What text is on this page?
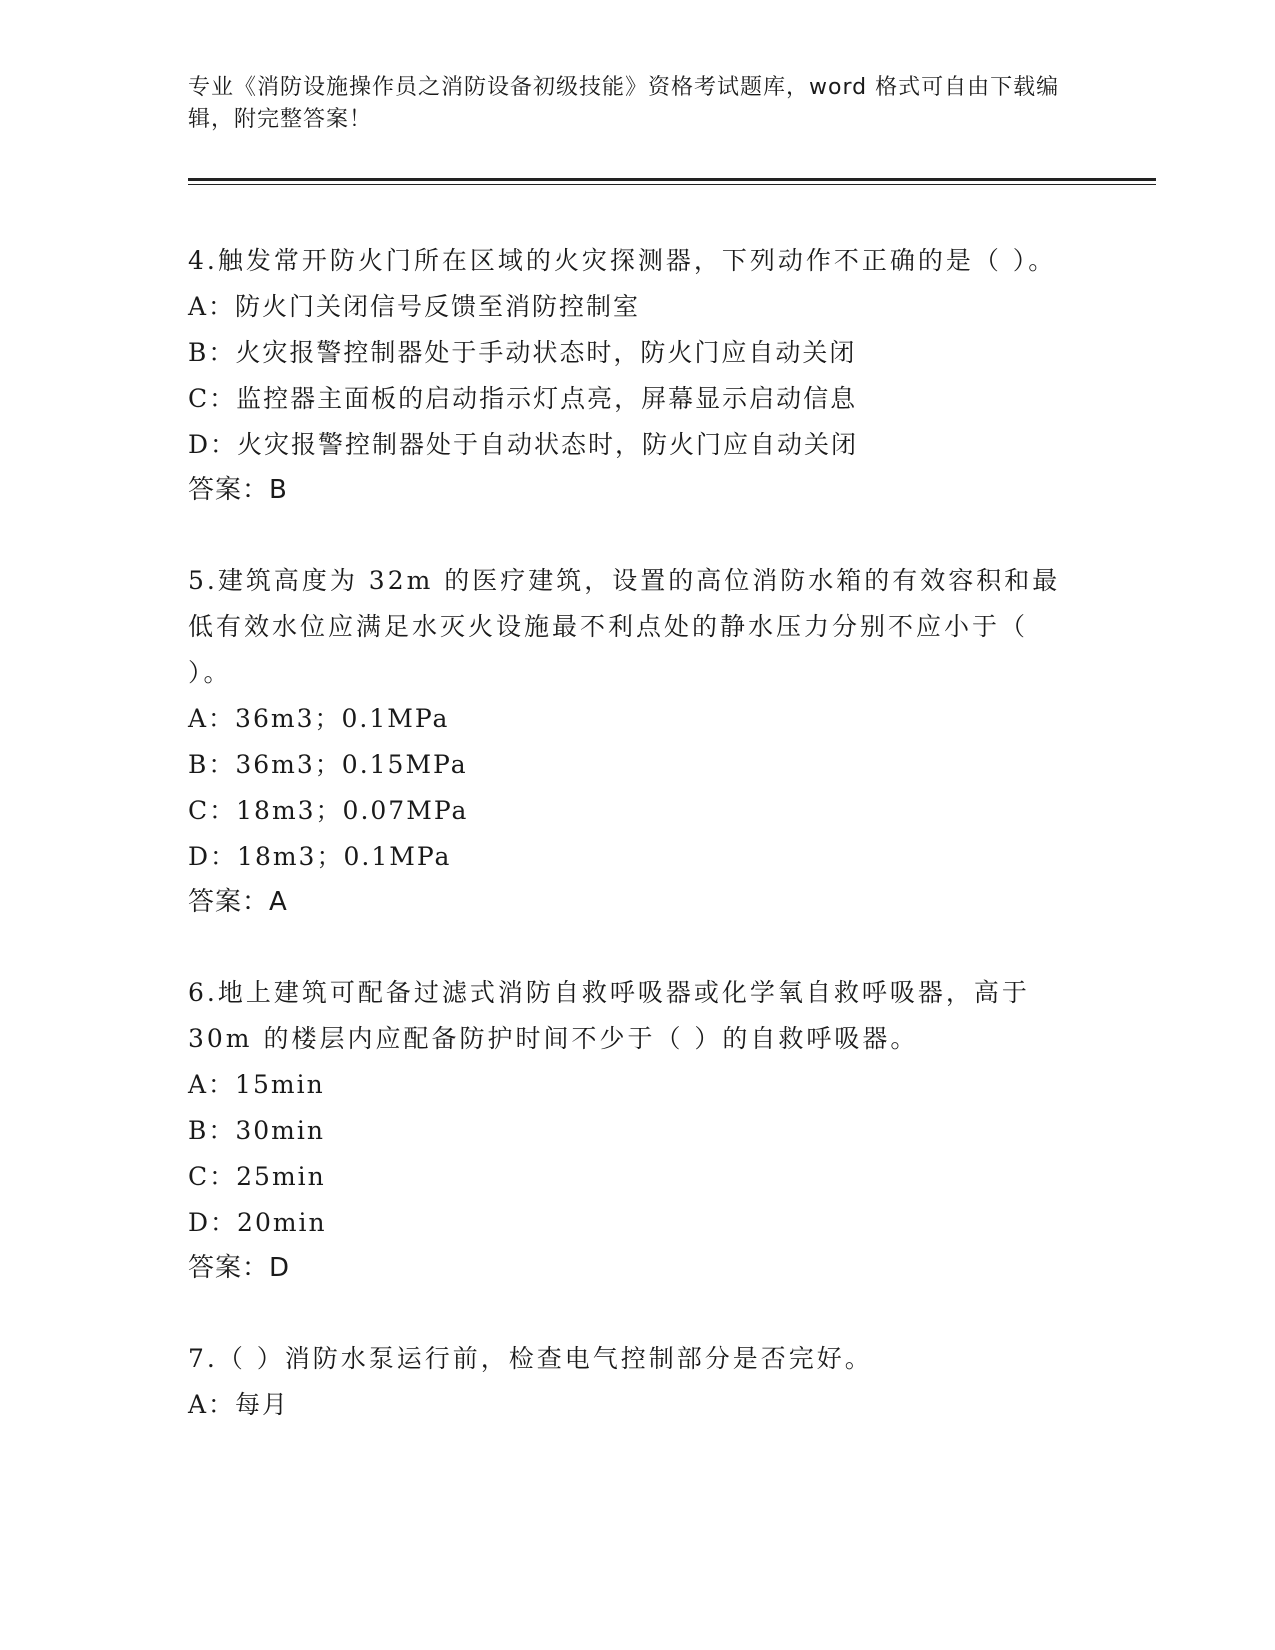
专业《消防设施操作员之消防设备初级技能》资格考试题库，word 格式可自由下载编辑，附完整答案！
4.触发常开防火门所在区域的火灾探测器，下列动作不正确的是（ ）。
A：防火门关闭信号反馈至消防控制室
B：火灾报警控制器处于手动状态时，防火门应自动关闭
C：监控器主面板的启动指示灯点亮，屏幕显示启动信息
D：火灾报警控制器处于自动状态时，防火门应自动关闭
答案：B
5.建筑高度为 32m 的医疗建筑，设置的高位消防水箱的有效容积和最低有效水位应满足水灭火设施最不利点处的静水压力分别不应小于（ ）。
A：36m3；0.1MPa
B：36m3；0.15MPa
C：18m3；0.07MPa
D：18m3；0.1MPa
答案：A
6.地上建筑可配备过滤式消防自救呼吸器或化学氧自救呼吸器，高于 30m 的楼层内应配备防护时间不少于（ ）的自救呼吸器。
A：15min
B：30min
C：25min
D：20min
答案：D
7.（ ）消防水泵运行前，检查电气控制部分是否完好。
A：每月
